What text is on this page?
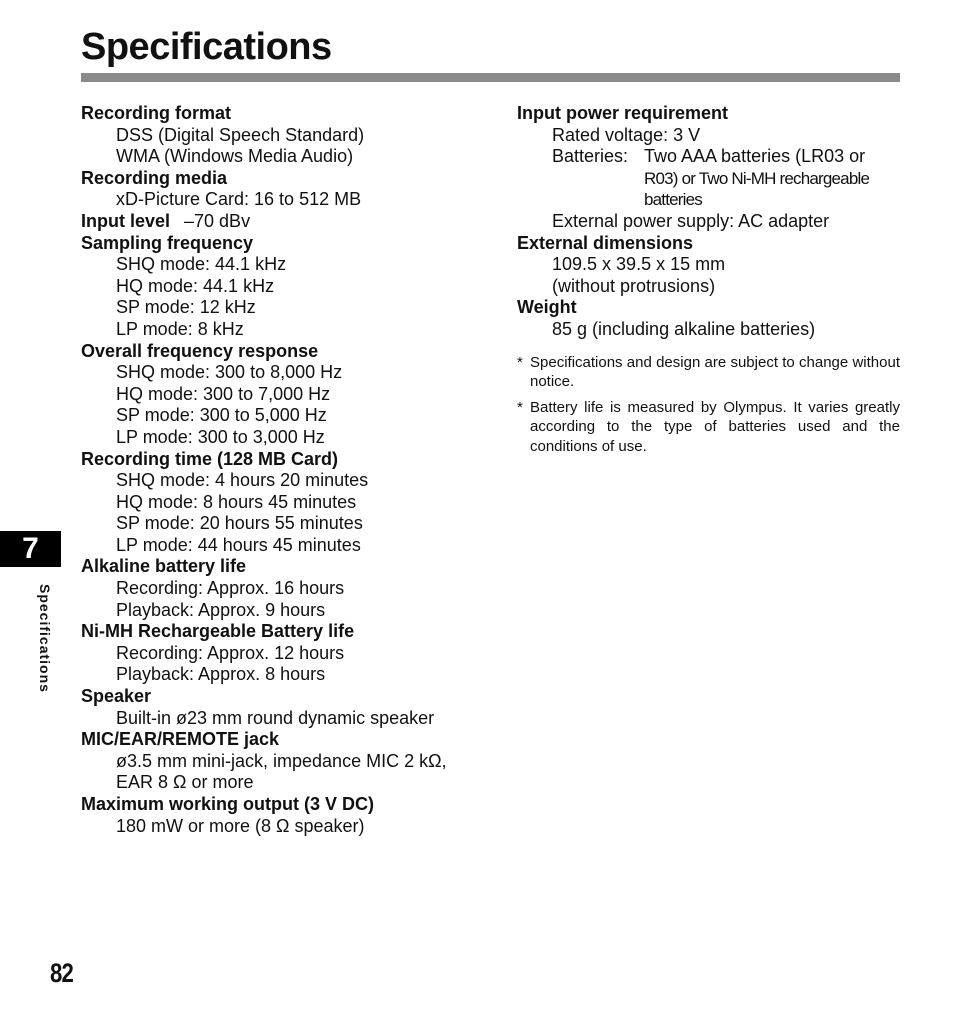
Specifications
Recording format
DSS (Digital Speech Standard)
WMA (Windows Media Audio)
Recording media
xD-Picture Card: 16 to 512 MB
Input level –70 dBv
Sampling frequency
SHQ mode: 44.1 kHz
HQ mode: 44.1 kHz
SP mode: 12 kHz
LP mode: 8 kHz
Overall frequency response
SHQ mode: 300 to 8,000 Hz
HQ mode: 300 to 7,000 Hz
SP mode: 300 to 5,000 Hz
LP mode: 300 to 3,000 Hz
Recording time (128 MB Card)
SHQ mode: 4 hours 20 minutes
HQ mode: 8 hours 45 minutes
SP mode: 20 hours 55 minutes
LP mode: 44 hours 45 minutes
Alkaline battery life
Recording: Approx. 16 hours
Playback: Approx. 9 hours
Ni-MH Rechargeable Battery life
Recording: Approx. 12 hours
Playback: Approx. 8 hours
Speaker
Built-in ø23 mm round dynamic speaker
MIC/EAR/REMOTE jack
ø3.5 mm mini-jack, impedance MIC 2 kΩ,
EAR 8 Ω or more
Maximum working output (3 V DC)
180 mW or more (8 Ω speaker)
Input power requirement
Rated voltage: 3 V
Batteries: Two AAA batteries (LR03 or
R03) or Two Ni-MH rechargeable
batteries
External power supply: AC adapter
External dimensions
109.5 x 39.5 x 15 mm
(without protrusions)
Weight
85 g (including alkaline batteries)
* Specifications and design are subject to change without notice.
* Battery life is measured by Olympus. It varies greatly according to the type of batteries used and the conditions of use.
7
Specifications
82
